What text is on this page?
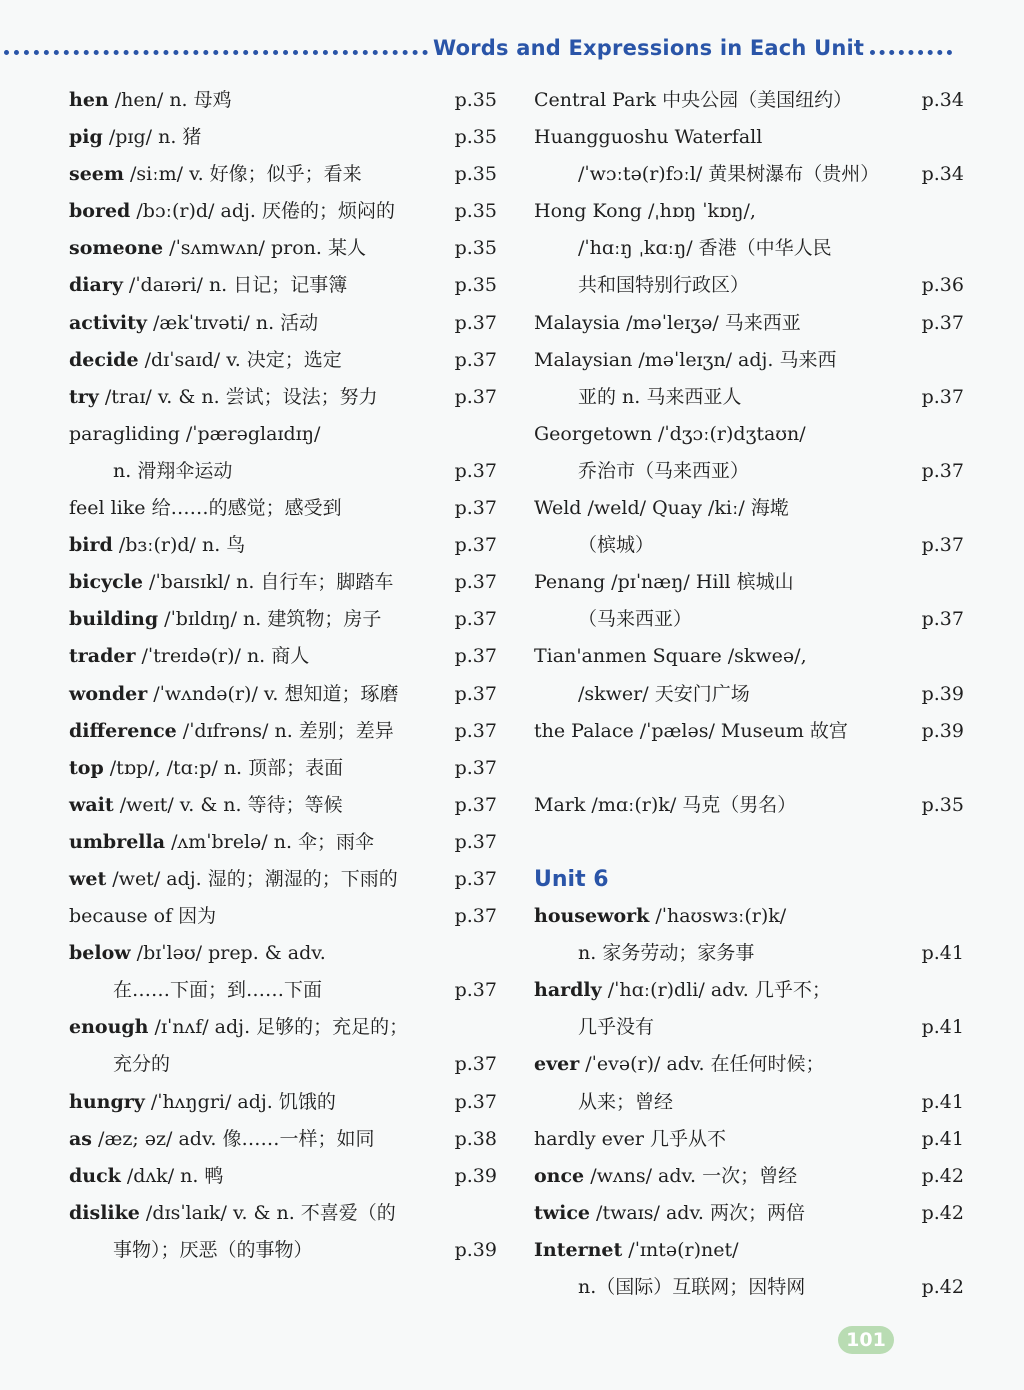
Words and Expressions in Each Unit
hen /hen/ n. 母鸡	p.35
pig /pɪg/ n. 猪	p.35
seem /siːm/ v. 好像；似乎；看来	p.35
bored /bɔː(r)d/ adj. 厌倦的；烦闷的	p.35
someone /ˈsʌmwʌn/ pron. 某人	p.35
diary /ˈdaɪəri/ n. 日记；记事簿	p.35
activity /ækˈtɪvəti/ n. 活动	p.37
decide /dɪˈsaɪd/ v. 决定；选定	p.37
try /traɪ/ v. & n. 尝试；设法；努力	p.37
paragliding /ˈpærəglaɪdɪŋ/
n. 滑翔伞运动	p.37
feel like 给……的感觉；感受到	p.37
bird /bɜː(r)d/ n. 鸟	p.37
bicycle /ˈbaɪsɪkl/ n. 自行车；脚踏车	p.37
building /ˈbɪldɪŋ/ n. 建筑物；房子	p.37
trader /ˈtreɪdə(r)/ n. 商人	p.37
wonder /ˈwʌndə(r)/ v. 想知道；琢磨	p.37
difference /ˈdɪfrəns/ n. 差别；差异	p.37
top /tɒp/, /tɑːp/ n. 顶部；表面	p.37
wait /weɪt/ v. & n. 等待；等候	p.37
umbrella /ʌmˈbrelə/ n. 伞；雨伞	p.37
wet /wet/ adj. 湿的；潮湿的；下雨的	p.37
because of 因为	p.37
below /bɪˈləʊ/ prep. & adv.
在……下面；到……下面	p.37
enough /ɪˈnʌf/ adj. 足够的；充足的；
充分的	p.37
hungry /ˈhʌŋgri/ adj. 饥饿的	p.37
as /æz; əz/ adv. 像……一样；如同	p.38
duck /dʌk/ n. 鸭	p.39
dislike /dɪsˈlaɪk/ v. & n. 不喜爱（的
事物）；厌恶（的事物）	p.39
Central Park 中央公园（美国纽约）	p.34
Huangguoshu Waterfall
/ˈwɔːtə(r)fɔːl/ 黄果树瀑布（贵州） p.34
Hong Kong /ˌhɒŋ ˈkɒŋ/,
/ˈhɑːŋ ˌkɑːŋ/ 香港（中华人民
共和国特别行政区）	p.36
Malaysia /məˈleɪʒə/ 马来西亚	p.37
Malaysian /məˈleɪʒn/ adj. 马来西
亚的 n. 马来西亚人	p.37
Georgetown /ˈdʒɔː(r)dʒtaʊn/
乔治市（马来西亚）	p.37
Weld /weld/ Quay /kiː/ 海墘
（槟城）	p.37
Penang /pɪˈnæŋ/ Hill 槟城山
（马来西亚）	p.37
Tian'anmen Square /skweə/,
/skwer/ 天安门广场	p.39
the Palace /ˈpæləs/ Museum 故宫	p.39
Mark /mɑː(r)k/ 马克（男名）	p.35
Unit 6
housework /ˈhaʊswɜː(r)k/
n. 家务劳动；家务事	p.41
hardly /ˈhɑː(r)dli/ adv. 几乎不；
几乎没有	p.41
ever /ˈevə(r)/ adv. 在任何时候；
从来；曾经	p.41
hardly ever 几乎从不	p.41
once /wʌns/ adv. 一次；曾经	p.42
twice /twaɪs/ adv. 两次；两倍	p.42
Internet /ˈɪntə(r)net/
n.（国际）互联网；因特网	p.42
101
